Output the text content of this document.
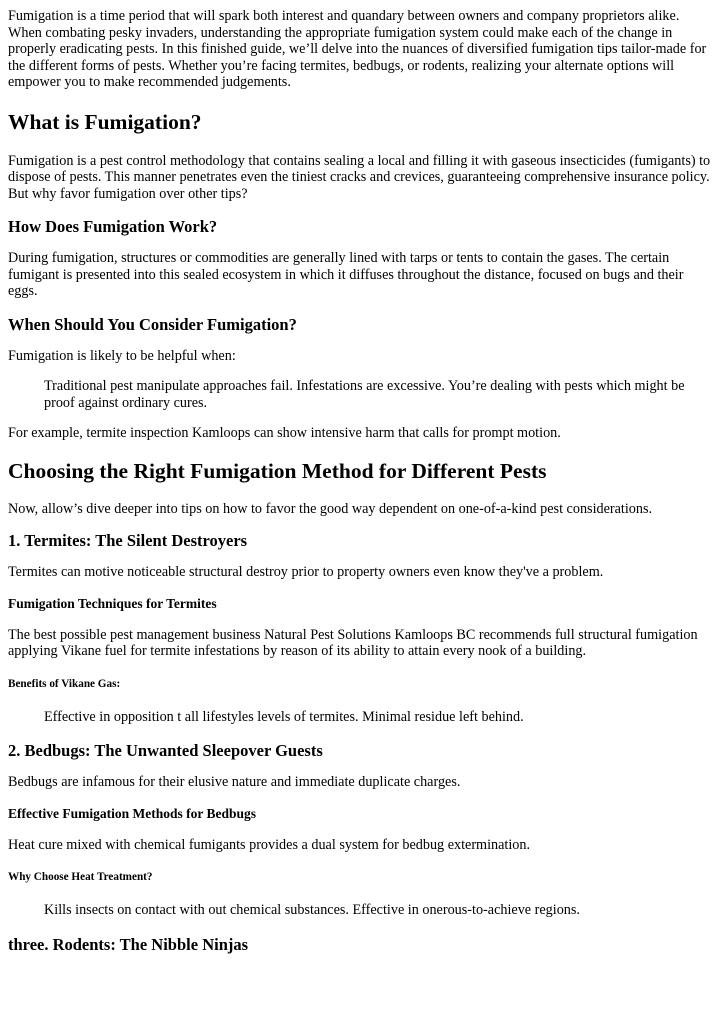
Fumigation is a time period that will spark both interest and quandary between owners and company proprietors alike. When combating pesky invaders, understanding the appropriate fumigation system could make each of the change in properly eradicating pests. In this finished guide, we’ll delve into the nuances of diversified fumigation tips tailor-made for the different forms of pests. Whether you’re facing termites, bedbugs, or rodents, realizing your alternate options will empower you to make recommended judgements.

What is Fumigation?

Fumigation is a pest control methodology that contains sealing a local and filling it with gaseous insecticides (fumigants) to dispose of pests. This manner penetrates even the tiniest cracks and crevices, guaranteeing comprehensive insurance policy. But why favor fumigation over other tips?

How Does Fumigation Work?

During fumigation, structures or commodities are generally lined with tarps or tents to contain the gases. The certain fumigant is presented into this sealed ecosystem in which it diffuses throughout the distance, focused on bugs and their eggs.

When Should You Consider Fumigation?

Fumigation is likely to be helpful when:

Traditional pest manipulate approaches fail. Infestations are excessive. You’re dealing with pests which might be proof against ordinary cures.

For example, termite inspection Kamloops can show intensive harm that calls for prompt motion.

Choosing the Right Fumigation Method for Different Pests

Now, allow’s dive deeper into tips on how to favor the good way dependent on one-of-a-kind pest considerations.

1. Termites: The Silent Destroyers

Termites can motive noticeable structural destroy prior to property owners even know they've a problem.

Fumigation Techniques for Termites

The best possible pest management business Natural Pest Solutions Kamloops BC recommends full structural fumigation applying Vikane fuel for termite infestations by reason of its ability to attain every nook of a building.

Benefits of Vikane Gas:
Effective in opposition t all lifestyles levels of termites. Minimal residue left behind.
2. Bedbugs: The Unwanted Sleepover Guests

Bedbugs are infamous for their elusive nature and immediate duplicate charges.

Effective Fumigation Methods for Bedbugs

Heat cure mixed with chemical fumigants provides a dual system for bedbug extermination.

Why Choose Heat Treatment?
Kills insects on contact with out chemical substances. Effective in onerous-to-achieve regions.
three. Rodents: The Nibble Ninjas
